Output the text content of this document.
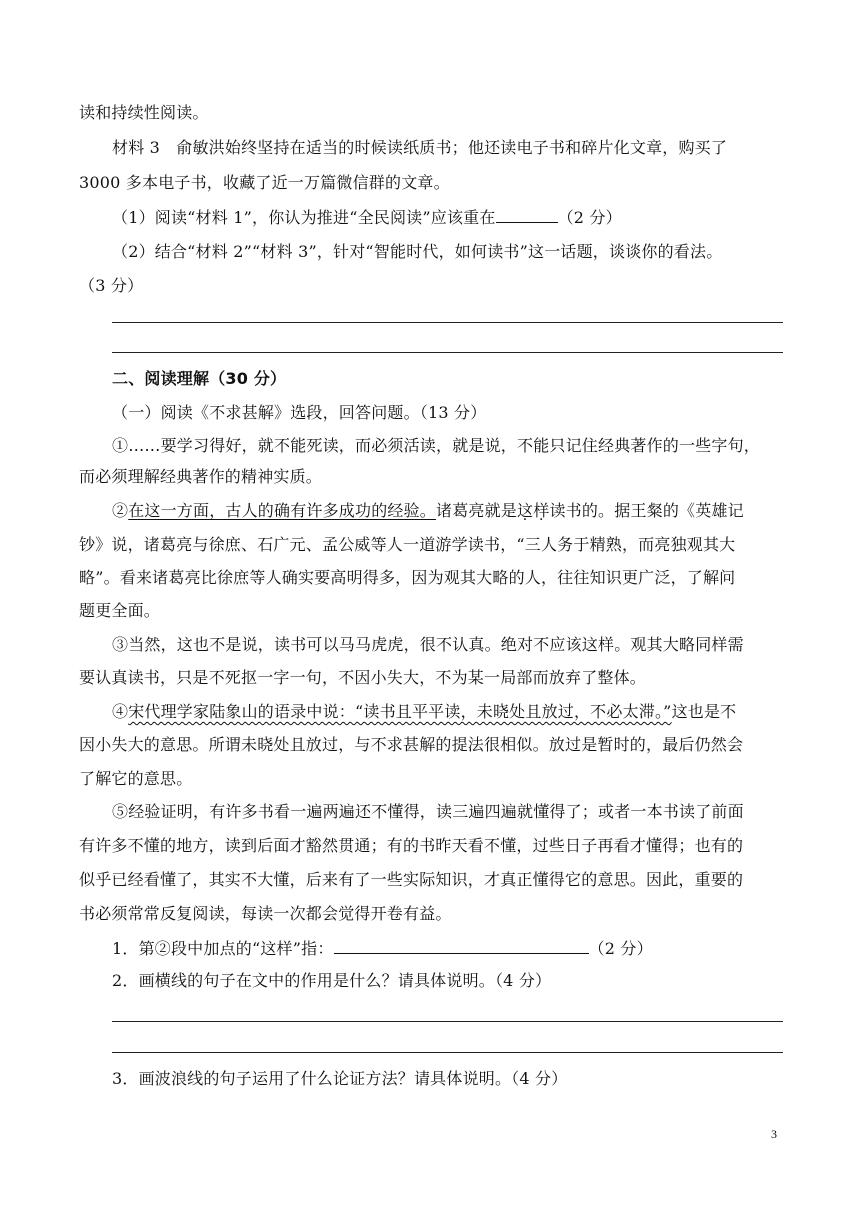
读和持续性阅读。
材料 3　俞敏洪始终坚持在适当的时候读纸质书；他还读电子书和碎片化文章，购买了
3000 多本电子书，收藏了近一万篇微信群的文章。
（1）阅读“材料 1”，你认为推进“全民阅读”应该重在	（2 分）
（2）结合“材料 2”“材料 3”，针对“智能时代，如何读书”这一话题，谈谈你的看法。
（3 分）
二、阅读理解（30 分）
（一）阅读《不求甚解》选段，回答问题。（13 分）
①……要学习得好，就不能死读，而必须活读，就是说，不能只记住经典著作的一些字句，
而必须理解经典著作的精神实质。
②在这一方面，古人的确有许多成功的经验。诸葛亮就是这样读书的。据王粲的《英雄记
钞》说，诸葛亮与徐庶、石广元、孟公威等人一道游学读书，“三人务于精熟，而亮独观其大
略”。看来诸葛亮比徐庶等人确实要高明得多，因为观其大略的人，往往知识更广泛，了解问
题更全面。
③当然，这也不是说，读书可以马马虎虎，很不认真。绝对不应该这样。观其大略同样需
要认真读书，只是不死抠一字一句，不因小失大，不为某一局部而放弃了整体。
④宋代理学家陆象山的语录中说：“读书且平平读，未晓处且放过，不必太滞。”这也是不
因小失大的意思。所谓未晓处且放过，与不求甚解的提法很相似。放过是暂时的，最后仍然会
了解它的意思。
⑤经验证明，有许多书看一遍两遍还不懂得，读三遍四遍就懂得了；或者一本书读了前面
有许多不懂的地方，读到后面才豁然贯通；有的书昨天看不懂，过些日子再看才懂得；也有的
似乎已经看懂了，其实不大懂，后来有了一些实际知识，才真正懂得它的意思。因此，重要的
书必须常常反复阅读，每读一次都会觉得开卷有益。
1．第②段中加点的“这样”指：	（2 分）
2．画横线的句子在文中的作用是什么？请具体说明。（4 分）
3．画波浪线的句子运用了什么论证方法？请具体说明。（4 分）
3
